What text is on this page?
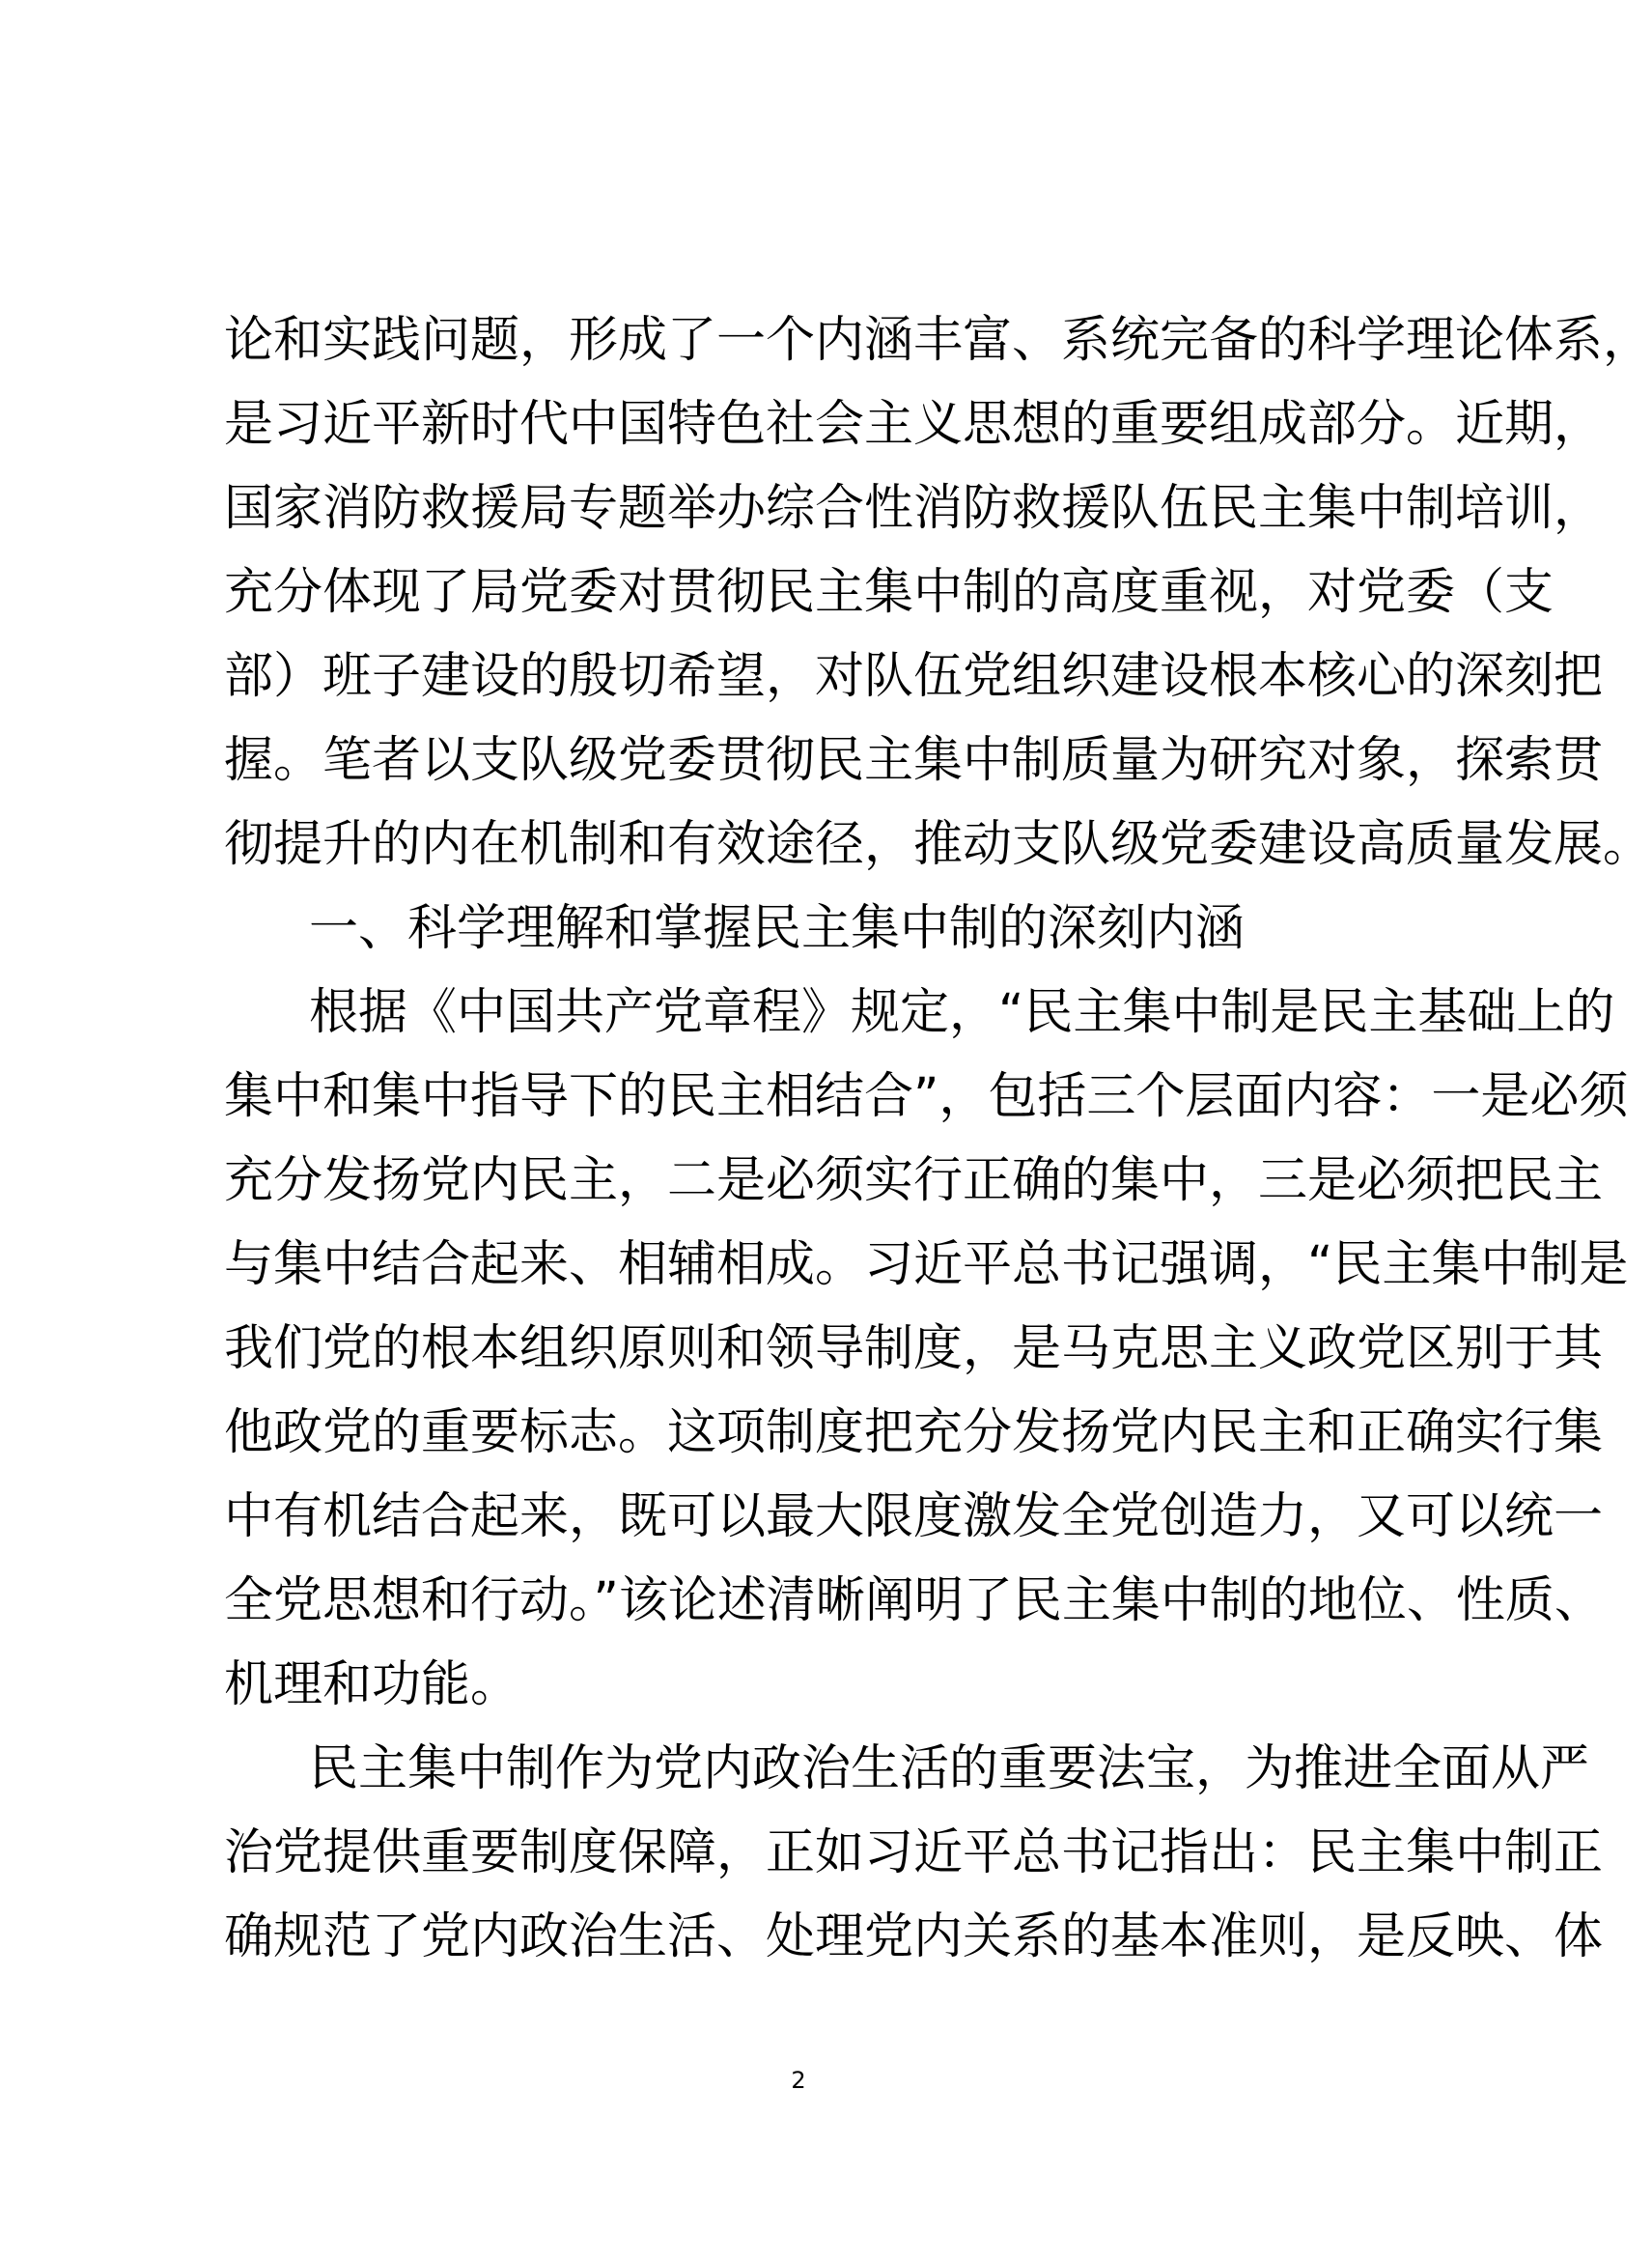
论和实践问题，形成了一个内涵丰富、系统完备的科学理论体系，
是习近平新时代中国特色社会主义思想的重要组成部分。近期，
国家消防救援局专题举办综合性消防救援队伍民主集中制培训，
充分体现了局党委对贯彻民主集中制的高度重视，对党委（支
部）班子建设的殷切希望，对队伍党组织建设根本核心的深刻把
握。笔者以支队级党委贯彻民主集中制质量为研究对象，探索贯
彻提升的内在机制和有效途径，推动支队级党委建设高质量发展。
一、科学理解和掌握民主集中制的深刻内涵
根据《中国共产党章程》规定，“民主集中制是民主基础上的
集中和集中指导下的民主相结合”，包括三个层面内容：一是必须
充分发扬党内民主，二是必须实行正确的集中，三是必须把民主
与集中结合起来、相辅相成。习近平总书记强调，“民主集中制是
我们党的根本组织原则和领导制度，是马克思主义政党区别于其
他政党的重要标志。这项制度把充分发扬党内民主和正确实行集
中有机结合起来，既可以最大限度激发全党创造力，又可以统一
全党思想和行动。”该论述清晰阐明了民主集中制的地位、性质、
机理和功能。
民主集中制作为党内政治生活的重要法宝，为推进全面从严
治党提供重要制度保障，正如习近平总书记指出：民主集中制正
确规范了党内政治生活、处理党内关系的基本准则，是反映、体
2
